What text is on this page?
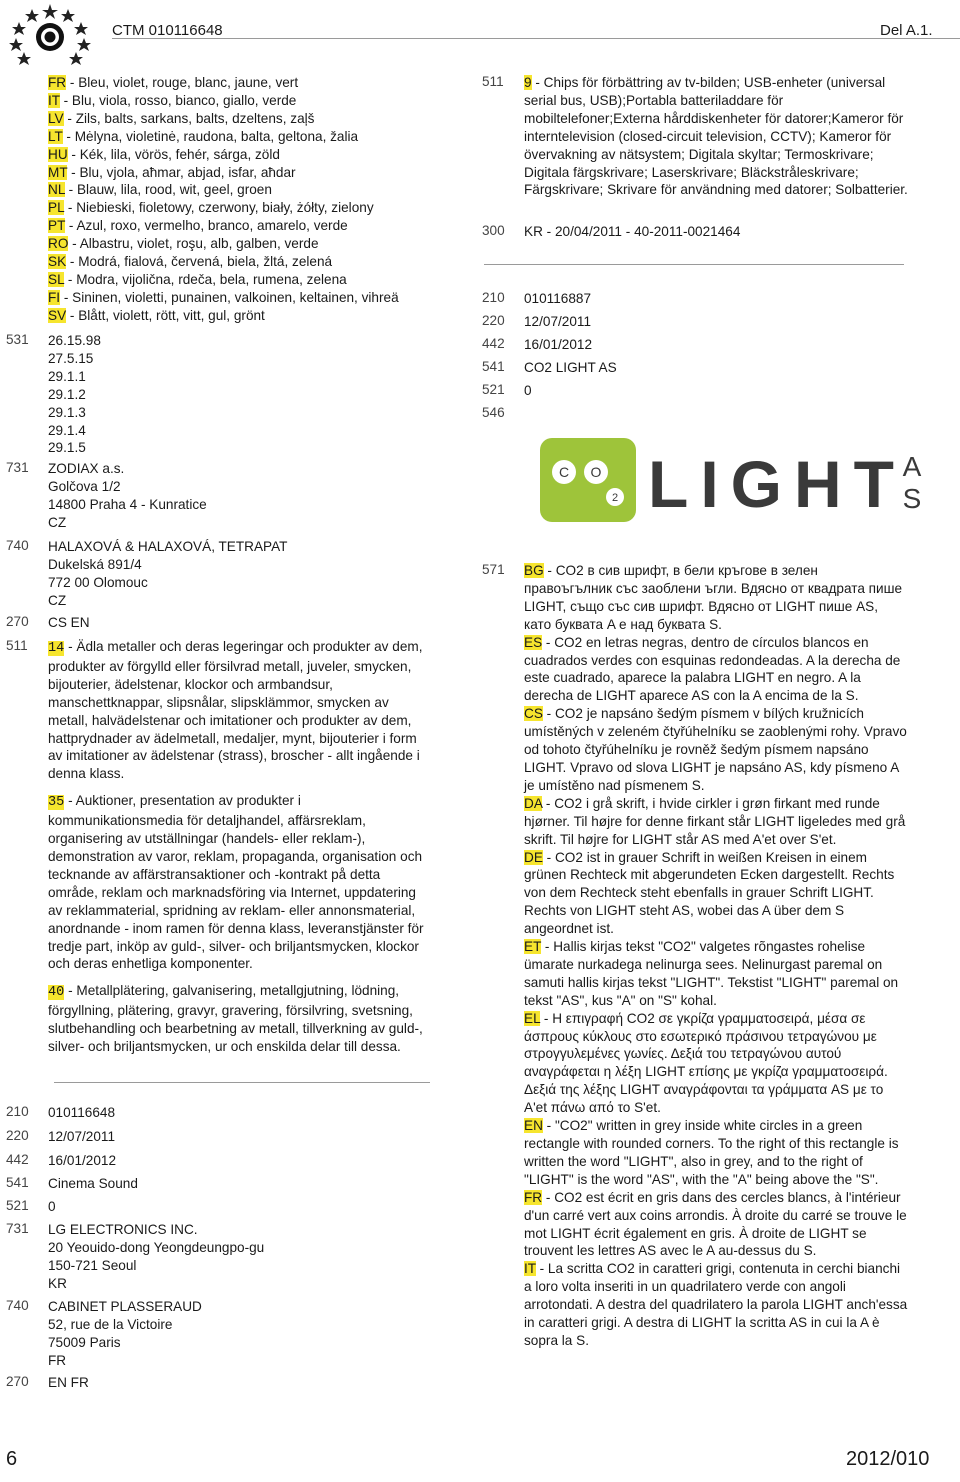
CTM 010116648	Del A.1.
FR - Bleu, violet, rouge, blanc, jaune, vert
IT - Blu, viola, rosso, bianco, giallo, verde
LV - Zils, balts, sarkans, balts, dzeltens, zaļš
LT - Mėlyna, violetinė, raudona, balta, geltona, žalia
HU - Kék, lila, vörös, fehér, sárga, zöld
MT - Blu, vjola, aħmar, abjad, isfar, aħdar
NL - Blauw, lila, rood, wit, geel, groen
PL - Niebieski, fioletowy, czerwony, biały, żółty, zielony
PT - Azul, roxo, vermelho, branco, amarelo, verde
RO - Albastru, violet, roşu, alb, galben, verde
SK - Modrá, fialová, červená, biela, žltá, zelená
SL - Modra, vijolična, rdeča, bela, rumena, zelena
FI - Sininen, violetti, punainen, valkoinen, keltainen, vihreä
SV - Blått, violett, rött, vitt, gul, grönt
531 26.15.98
27.5.15
29.1.1
29.1.2
29.1.3
29.1.4
29.1.5
731 ZODIAX a.s.
Golčova 1/2
14800 Praha 4 - Kunratice
CZ
740 HALAXOVÁ & HALAXOVÁ, TETRAPAT
Dukelská 891/4
772 00 Olomouc
CZ
270 CS EN
511 14 - Ädla metaller och deras legeringar och produkter av dem, produkter av förgylld eller försilvrad metall, juveler, smycken, bijouterier, ädelstenar, klockor och armbandsur, manschettknappar, slipsnålar, slipsklämmor, smycken av metall, halvädelstenar och imitationer och produkter av dem, hattprydnader av ädelmetall, medaljer, mynt, bijouterier i form av imitationer av ädelstenar (strass), broscher - allt ingående i denna klass.

35 - Auktioner, presentation av produkter i kommunikationsmedia för detaljhandel, affärsreklam, organisering av utställningar (handels- eller reklam-), demonstration av varor, reklam, propaganda, organisation och tecknande av affärstransaktioner och -kontrakt på detta område, reklam och marknadsföring via Internet, uppdatering av reklammaterial, spridning av reklam- eller annonsmaterial, anordnande - inom ramen för denna klass, leveranstjänster för tredje part, inköp av guld-, silver- och briljantsmycken, klockor och deras enhetliga komponenter.

40 - Metallplätering, galvanisering, metallgjutning, lödning, förgyllning, plätering, gravyr, gravering, försilvring, svetsning, slutbehandling och bearbetning av metall, tillverkning av guld-, silver- och briljantsmycken, ur och enskilda delar till dessa.

210 010116648
220 12/07/2011
442 16/01/2012
541 Cinema Sound
521 0
731 LG ELECTRONICS INC.
20 Yeouido-dong Yeongdeungpo-gu
150-721 Seoul
KR
740 CABINET PLASSERAUD
52, rue de la Victoire
75009 Paris
FR
270 EN FR
511 9 - Chips för förbättring av tv-bilden; USB-enheter (universal serial bus, USB);Portabla batteriladdare för mobiltelefoner;Externa hårddiskenheter för datorer;Kameror för interntelevision (closed-circuit television, CCTV); Kameror för övervakning av nätsystem; Digitala skyltar; Termoskrivare; Digitala färgskrivare; Laserskrivare; Bläckstråleskrivare; Färgskrivare; Skrivare för användning med datorer; Solbatterier.

300 KR - 20/04/2011 - 40-2011-0021464
210 010116887
220 12/07/2011
442 16/01/2012
541 CO2 LIGHT AS
521 0
546
C O
2 LIGHT
A
S
571 BG - CO2 в сив шрифт, в бели кръгове в зелен правоъгълник със заоблени ъгли. Вдясно от квадрата пише LIGHT, също със сив шрифт. Вдясно от LIGHT пише AS, като буквата A е над буквата S.

ES - CO2 en letras negras, dentro de círculos blancos en cuadrados verdes con esquinas redondeadas. A la derecha de este cuadrado, aparece la palabra LIGHT en negro. A la derecha de LIGHT aparece AS con la A encima de la S.

CS - CO2 je napsáno šedým písmem v bílých kružnicích umístěných v zeleném čtyřúhelníku se zaoblenými rohy. Vpravo od tohoto čtyřúhelníku je rovněž šedým písmem napsáno LIGHT. Vpravo od slova LIGHT je napsáno AS, kdy písmeno A je umístěno nad písmenem S.

DA - CO2 i grå skrift, i hvide cirkler i grøn firkant med runde hjørner. Til højre for denne firkant står LIGHT ligeledes med grå skrift. Til højre for LIGHT står AS med A'et over S'et.

DE - CO2 ist in grauer Schrift in weißen Kreisen in einem grünen Rechteck mit abgerundeten Ecken dargestellt. Rechts von dem Rechteck steht ebenfalls in grauer Schrift LIGHT. Rechts von LIGHT steht AS, wobei das A über dem S angeordnet ist.

ET - Hallis kirjas tekst "CO2" valgetes rõngastes rohelise ümarate nurkadega nelinurga sees. Nelinurgast paremal on samuti hallis kirjas tekst "LIGHT". Tekstist "LIGHT" paremal on tekst "AS", kus "A" on "S" kohal.

EL - Η επιγραφή CO2 σε γκρίζα γραμματοσειρά, μέσα σε άσπρους κύκλους στο εσωτερικό πράσινου τετραγώνου με στρογγυλεμένες γωνίες. Δεξιά του τετραγώνου αυτού αναγράφεται η λέξη LIGHT επίσης με γκρίζα γραμματοσειρά. Δεξιά της λέξης LIGHT αναγράφονται τα γράμματα AS με το A'et πάνω από το S'et.

EN - "CO2" written in grey inside white circles in a green rectangle with rounded corners. To the right of this rectangle is written the word "LIGHT", also in grey, and to the right of "LIGHT" is the word "AS", with the "A" being above the "S".

FR - CO2 est écrit en gris dans des cercles blancs, à l'intérieur d'un carré vert aux coins arrondis. À droite du carré se trouve le mot LIGHT écrit également en gris. À droite de LIGHT se trouvent les lettres AS avec le A au-dessus du S.

IT - La scritta CO2 in caratteri grigi, contenuta in cerchi bianchi a loro volta inseriti in un quadrilatero verde con angoli arrotondati. A destra del quadrilatero la parola LIGHT anch'essa in caratteri grigi. A destra di LIGHT la scritta AS in cui la A è sopra la S.

6	2012/010
